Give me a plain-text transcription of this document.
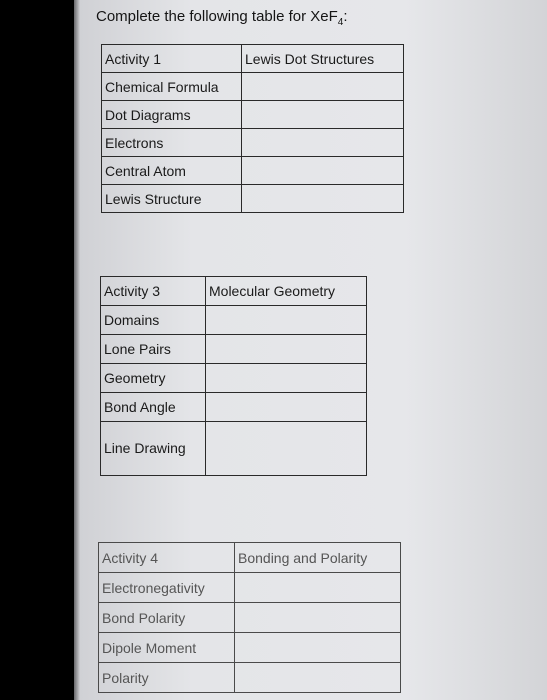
Complete the following table for XeF$_4$:
Activity 1	Lewis Dot Structures
Chemical Formula	
Dot Diagrams	
Electrons	
Central Atom	
Lewis Structure	
Activity 3	Molecular Geometry
Domains	
Lone Pairs	
Geometry	
Bond Angle	
Line Drawing	
Activity 4	Bonding and Polarity
Electronegativity	
Bond Polarity	
Dipole Moment	
Polarity	
